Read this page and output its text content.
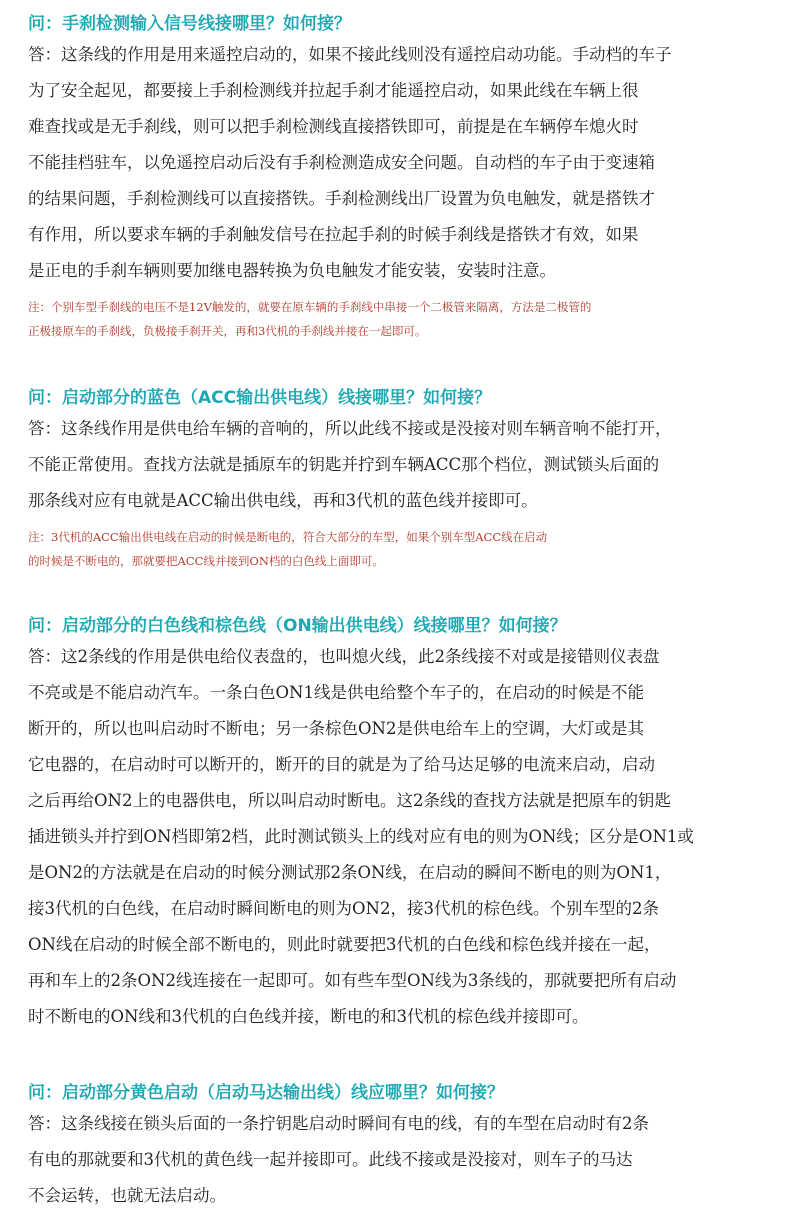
问：手刹检测输入信号线接哪里？如何接？
答：这条线的作用是用来遥控启动的，如果不接此线则没有遥控启动功能。手动档的车子
为了安全起见，都要接上手刹检测线并拉起手刹才能遥控启动，如果此线在车辆上很
难查找或是无手刹线，则可以把手刹检测线直接搭铁即可，前提是在车辆停车熄火时
不能挂档驻车，以免遥控启动后没有手刹检测造成安全问题。自动档的车子由于变速箱
的结果问题，手刹检测线可以直接搭铁。手刹检测线出厂设置为负电触发，就是搭铁才
有作用，所以要求车辆的手刹触发信号在拉起手刹的时候手刹线是搭铁才有效，如果
是正电的手刹车辆则要加继电器转换为负电触发才能安装，安装时注意。
注：个别车型手刹线的电压不是12V触发的，就要在原车辆的手刹线中串接一个二极管来隔离，方法是二极管的
正极接原车的手刹线，负极接手刹开关，再和3代机的手刹线并接在一起即可。
问：启动部分的蓝色（ACC输出供电线）线接哪里？如何接？
答：这条线作用是供电给车辆的音响的，所以此线不接或是没接对则车辆音响不能打开，
不能正常使用。查找方法就是插原车的钥匙并拧到车辆ACC那个档位，测试锁头后面的
那条线对应有电就是ACC输出供电线，再和3代机的蓝色线并接即可。
注：3代机的ACC输出供电线在启动的时候是断电的，符合大部分的车型，如果个别车型ACC线在启动
的时候是不断电的，那就要把ACC线并接到ON档的白色线上面即可。
问：启动部分的白色线和棕色线（ON输出供电线）线接哪里？如何接？
答：这2条线的作用是供电给仪表盘的，也叫熄火线，此2条线接不对或是接错则仪表盘
不亮或是不能启动汽车。一条白色ON1线是供电给整个车子的，在启动的时候是不能
断开的，所以也叫启动时不断电；另一条棕色ON2是供电给车上的空调，大灯或是其
它电器的，在启动时可以断开的，断开的目的就是为了给马达足够的电流来启动，启动
之后再给ON2上的电器供电，所以叫启动时断电。这2条线的查找方法就是把原车的钥匙
插进锁头并拧到ON档即第2档，此时测试锁头上的线对应有电的则为ON线；区分是ON1或
是ON2的方法就是在启动的时候分测试那2条ON线，在启动的瞬间不断电的则为ON1，
接3代机的白色线，在启动时瞬间断电的则为ON2，接3代机的棕色线。个别车型的2条
ON线在启动的时候全部不断电的，则此时就要把3代机的白色线和棕色线并接在一起，
再和车上的2条ON2线连接在一起即可。如有些车型ON线为3条线的，那就要把所有启动
时不断电的ON线和3代机的白色线并接，断电的和3代机的棕色线并接即可。
问：启动部分黄色启动（启动马达输出线）线应哪里？如何接？
答：这条线接在锁头后面的一条拧钥匙启动时瞬间有电的线，有的车型在启动时有2条
有电的那就要和3代机的黄色线一起并接即可。此线不接或是没接对，则车子的马达
不会运转，也就无法启动。
